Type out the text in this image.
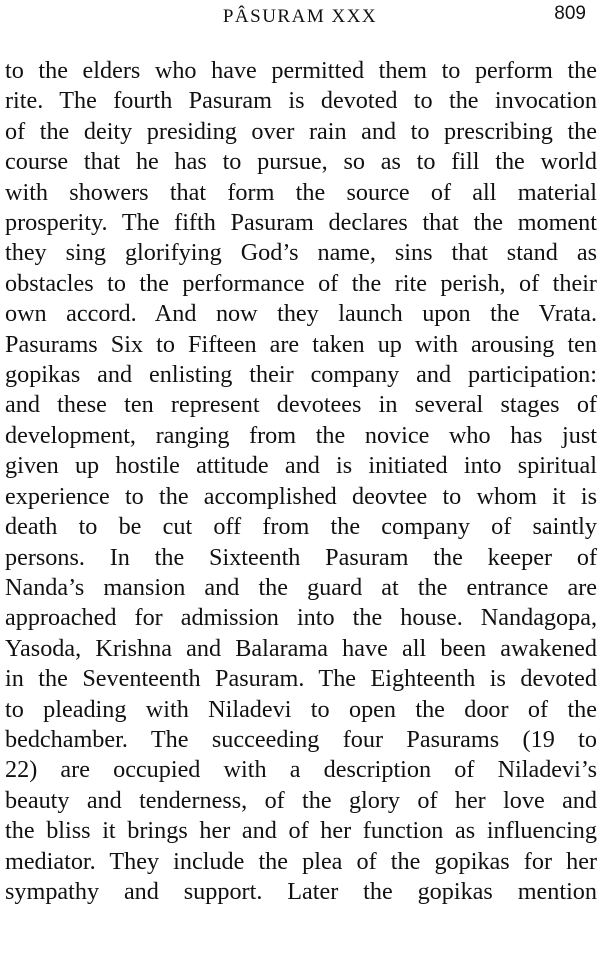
PÂSURAM XXX	809
to the elders who have permitted them to perform the
rite. The fourth Pasuram is devoted to the invocation
of the deity presiding over rain and to prescribing the
course that he has to pursue, so as to fill the world
with showers that form the source of all material
prosperity. The fifth Pasuram declares that the moment
they sing glorifying God’s name, sins that stand as
obstacles to the performance of the rite perish, of their
own accord. And now they launch upon the Vrata.
Pasurams Six to Fifteen are taken up with arousing ten
gopikas and enlisting their company and participation:
and these ten represent devotees in several stages of
development, ranging from the novice who has just
given up hostile attitude and is initiated into spiritual
experience to the accomplished deovtee to whom it is
death to be cut off from the company of saintly
persons. In the Sixteenth Pasuram the keeper of
Nanda’s mansion and the guard at the entrance are
approached for admission into the house. Nandagopa,
Yasoda, Krishna and Balarama have all been awakened
in the Seventeenth Pasuram. The Eighteenth is devoted
to pleading with Niladevi to open the door of the
bedchamber. The succeeding four Pasurams (19 to
22) are occupied with a description of Niladevi’s
beauty and tenderness, of the glory of her love and
the bliss it brings her and of her function as influencing
mediator. They include the plea of the gopikas for her
sympathy and support. Later the gopikas mention
